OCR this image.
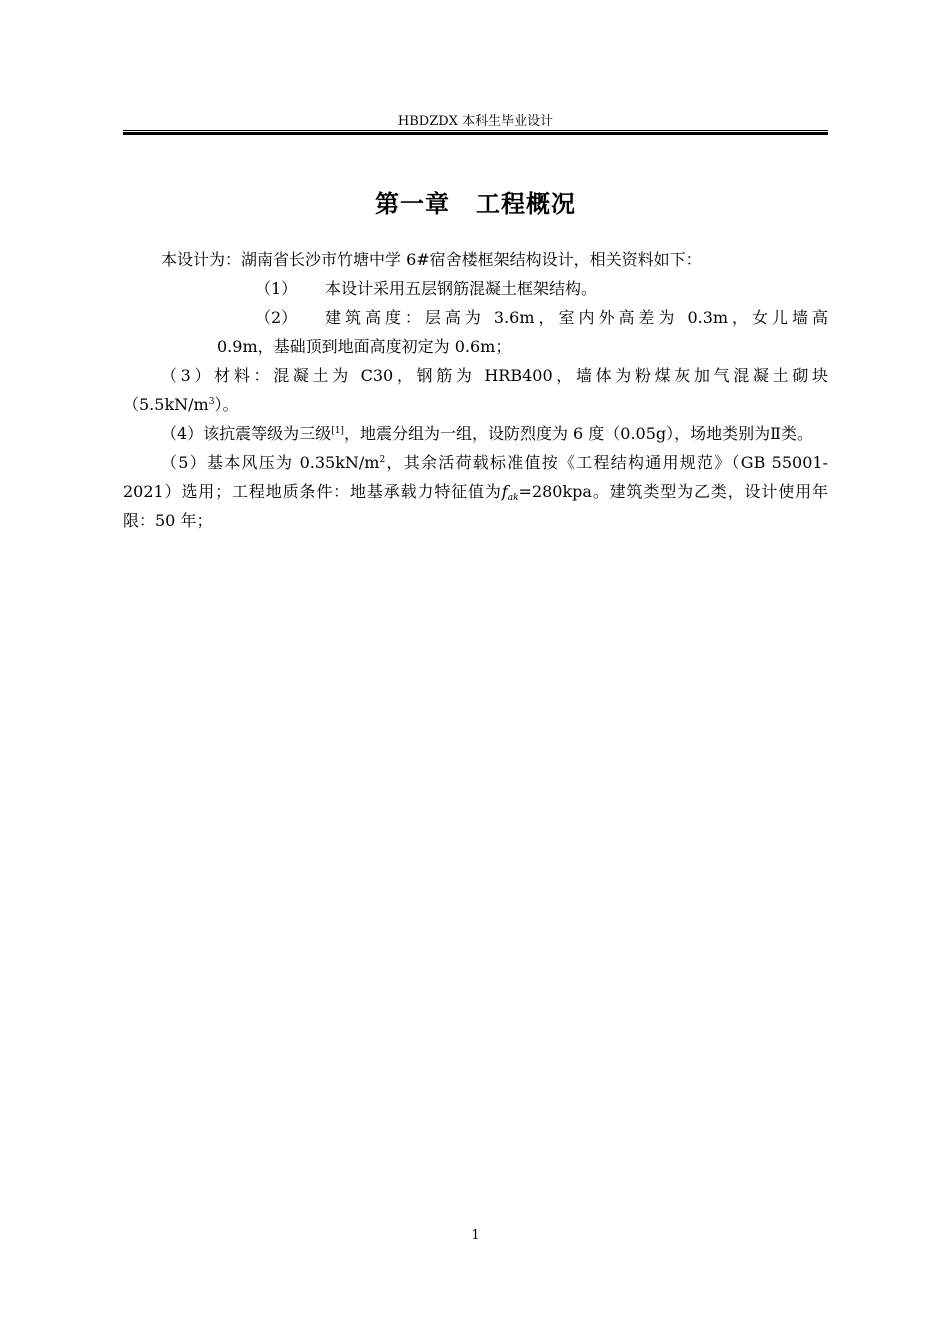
HBDZDX 本科生毕业设计
第一章 工程概况

本设计为：湖南省长沙市竹塘中学 6#宿舍楼框架结构设计，相关资料如下：

（1）	本设计采用五层钢筋混凝土框架结构。
（2）	建筑高度：层高为 3.6m，室内外高差为 0.3m，女儿墙高

0.9m，基础顶到地面高度初定为 0.6m；

（3）材料：混凝土为 C30，钢筋为 HRB400，墙体为粉煤灰加气混凝土砌块$(5.5kN/m^3)$。

（4）该抗震等级为三级[1]，地震分组为一组，设防烈度为 6 度（0.05g），场地类别为Ⅱ类。

（5）基本风压为 $0.35kN/m^2$，其余活荷载标准值按《工程结构通用规范》（GB 55001-2021）选用；工程地质条件：地基承载力特征值为$f_{ak}=280kpa$。建筑类型为乙类，设计使用年限：50 年；

1
